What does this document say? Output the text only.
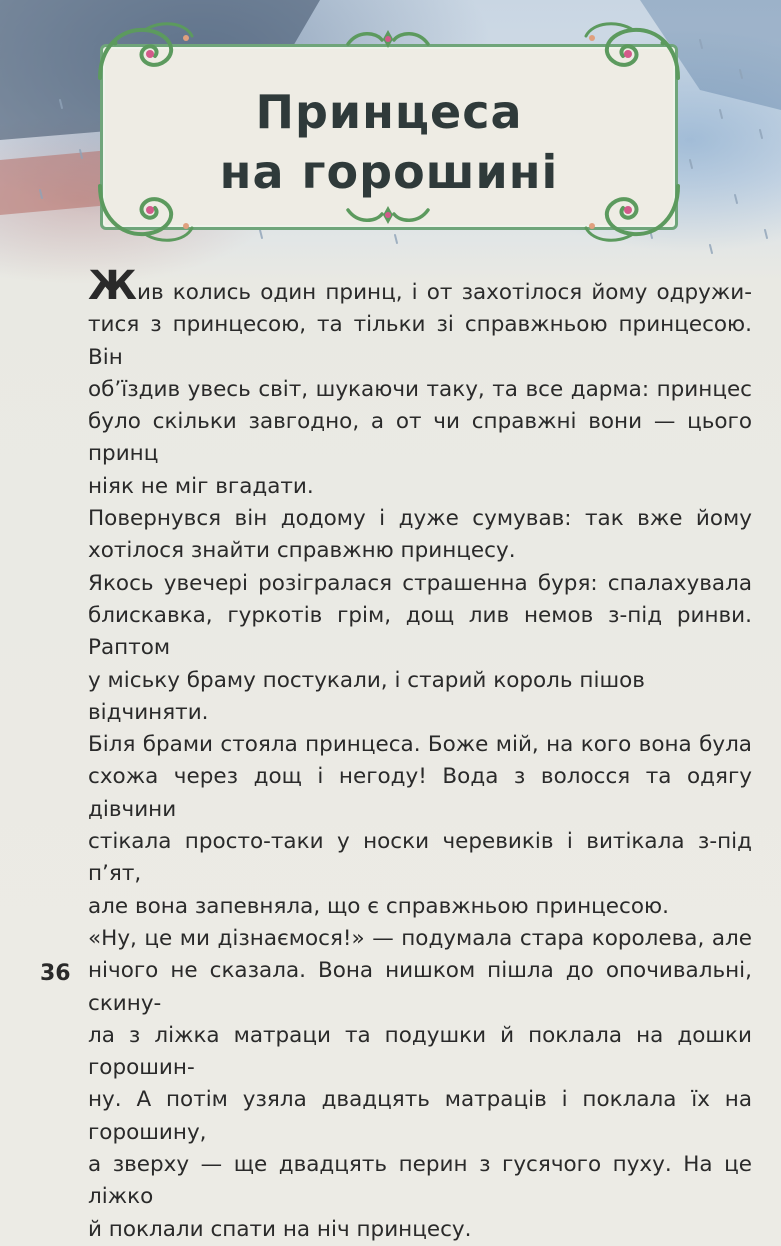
Принцеса
на горошині
Жив колись один принц, і от захотілося йому одружи-
тися з принцесою, та тільки зі справжньою принцесою. Він
об’їздив увесь світ, шукаючи таку, та все дарма: принцес
було скільки завгодно, а от чи справжні вони — цього принц
ніяк не міг вгадати.
Повернувся він додому і дуже сумував: так вже йому
хотілося знайти справжню принцесу.
Якось увечері розігралася страшенна буря: спалахувала
блискавка, гуркотів грім, дощ лив немов з-під ринви. Раптом
у міську браму постукали, і старий король пішов відчиняти.
Біля брами стояла принцеса. Боже мій, на кого вона була
схожа через дощ і негоду! Вода з волосся та одягу дівчини
стікала просто-таки у носки черевиків і витікала з-під п’ят,
але вона запевняла, що є справжньою принцесою.
«Ну, це ми дізнаємося!» — подумала стара королева, але
нічого не сказала. Вона нишком пішла до опочивальні, скину-
ла з ліжка матраци та подушки й поклала на дошки горошин-
ну. А потім узяла двадцять матраців і поклала їх на горошину,
а зверху — ще двадцять перин з гусячого пуху. На це ліжко
й поклали спати на ніч принцесу.
36
